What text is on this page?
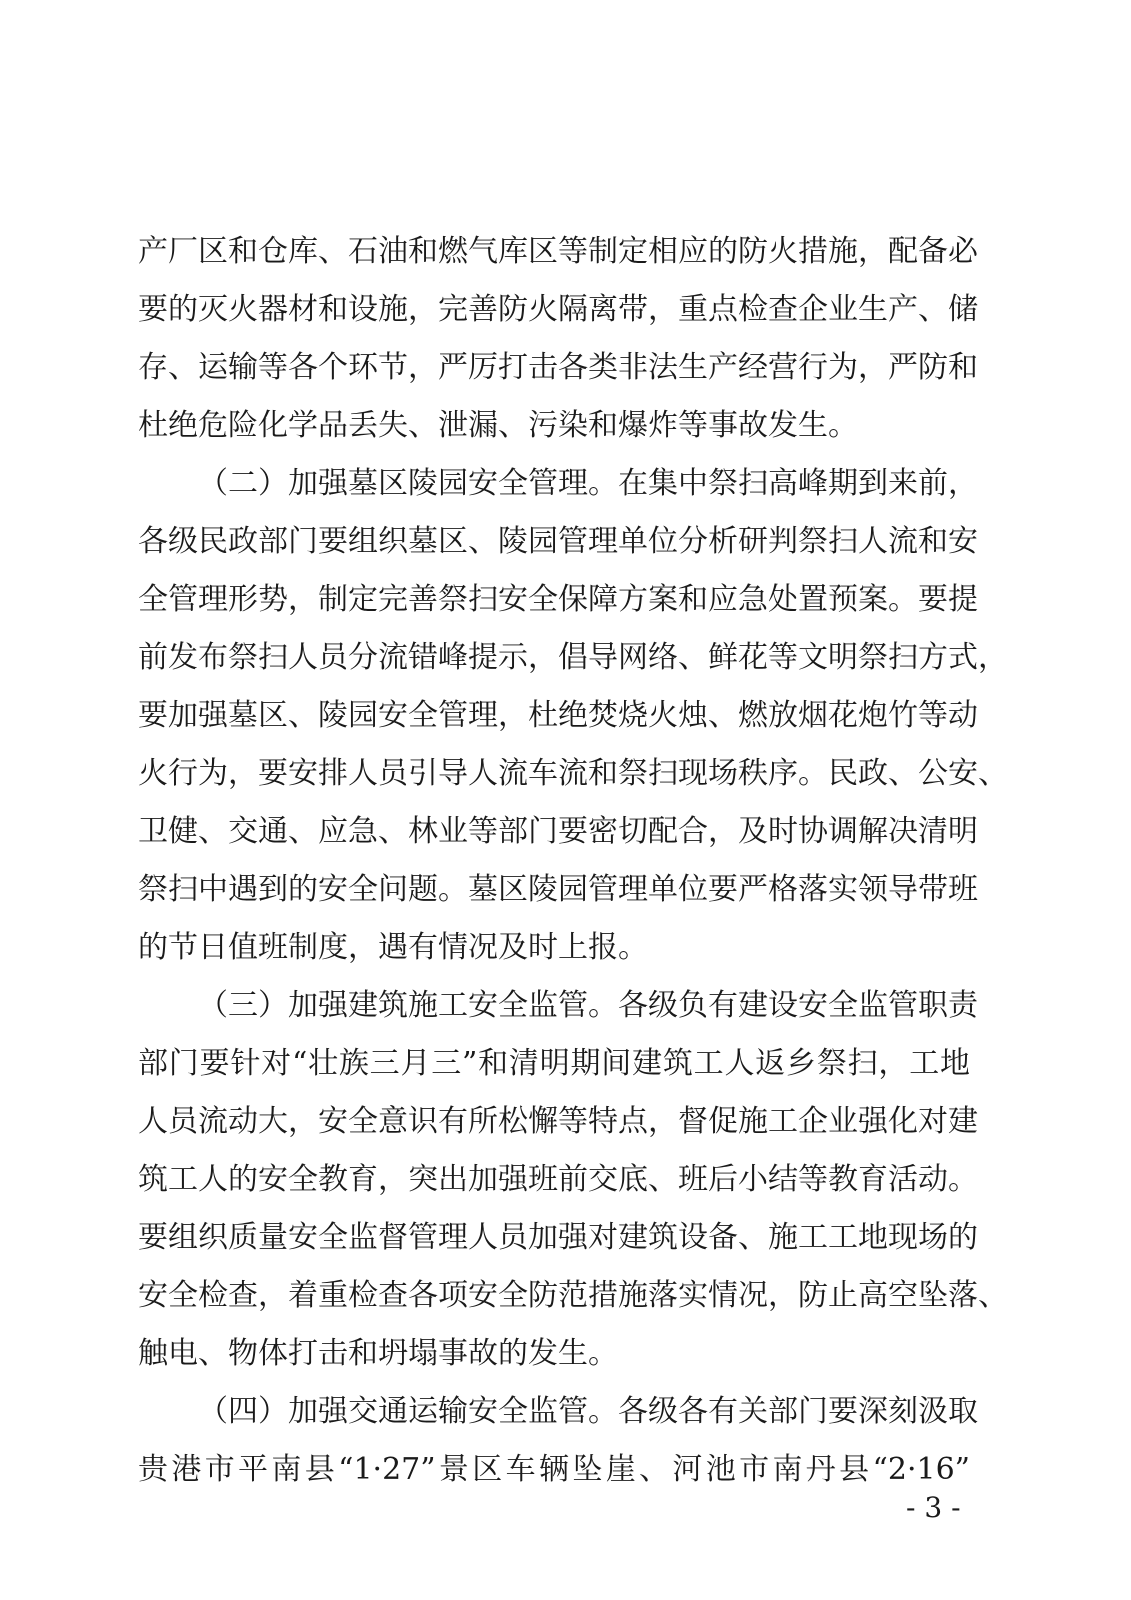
产厂区和仓库、石油和燃气库区等制定相应的防火措施，配备必
要的灭火器材和设施，完善防火隔离带，重点检查企业生产、储
存、运输等各个环节，严厉打击各类非法生产经营行为，严防和
杜绝危险化学品丢失、泄漏、污染和爆炸等事故发生。
（二）加强墓区陵园安全管理。在集中祭扫高峰期到来前，
各级民政部门要组织墓区、陵园管理单位分析研判祭扫人流和安
全管理形势，制定完善祭扫安全保障方案和应急处置预案。要提
前发布祭扫人员分流错峰提示，倡导网络、鲜花等文明祭扫方式，
要加强墓区、陵园安全管理，杜绝焚烧火烛、燃放烟花炮竹等动
火行为，要安排人员引导人流车流和祭扫现场秩序。民政、公安、
卫健、交通、应急、林业等部门要密切配合，及时协调解决清明
祭扫中遇到的安全问题。墓区陵园管理单位要严格落实领导带班
的节日值班制度，遇有情况及时上报。
（三）加强建筑施工安全监管。各级负有建设安全监管职责
部门要针对“壮族三月三”和清明期间建筑工人返乡祭扫，工地
人员流动大，安全意识有所松懈等特点，督促施工企业强化对建
筑工人的安全教育，突出加强班前交底、班后小结等教育活动。
要组织质量安全监督管理人员加强对建筑设备、施工工地现场的
安全检查，着重检查各项安全防范措施落实情况，防止高空坠落、
触电、物体打击和坍塌事故的发生。
（四）加强交通运输安全监管。各级各有关部门要深刻汲取
贵港市平南县“1·27”景区车辆坠崖、河池市南丹县“2·16”
- 3 -
